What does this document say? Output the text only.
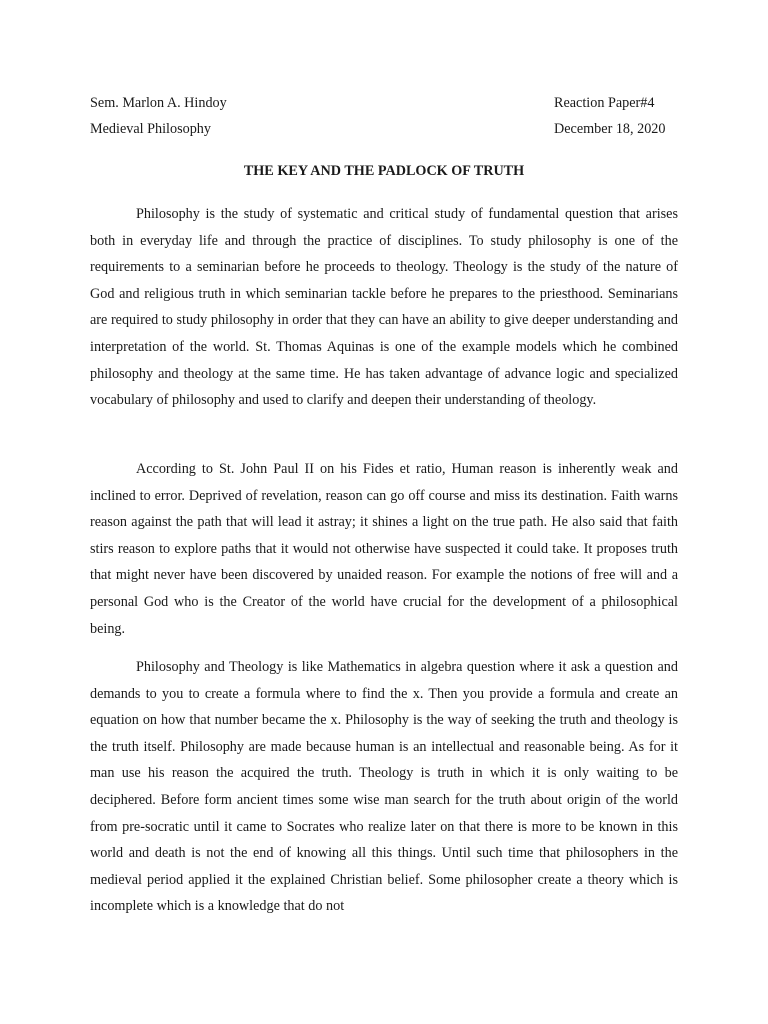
Sem. Marlon A. Hindoy	Reaction Paper#4
Medieval Philosophy	December 18, 2020
THE KEY AND THE PADLOCK OF TRUTH

Philosophy is the study of systematic and critical study of fundamental question that arises both in everyday life and through the practice of disciplines. To study philosophy is one of the requirements to a seminarian before he proceeds to theology. Theology is the study of the nature of God and religious truth in which seminarian tackle before he prepares to the priesthood. Seminarians are required to study philosophy in order that they can have an ability to give deeper understanding and interpretation of the world. St. Thomas Aquinas is one of the example models which he combined philosophy and theology at the same time. He has taken advantage of advance logic and specialized vocabulary of philosophy and used to clarify and deepen their understanding of theology.

According to St. John Paul II on his Fides et ratio, Human reason is inherently weak and inclined to error. Deprived of revelation, reason can go off course and miss its destination. Faith warns reason against the path that will lead it astray; it shines a light on the true path. He also said that faith stirs reason to explore paths that it would not otherwise have suspected it could take. It proposes truth that might never have been discovered by unaided reason. For example the notions of free will and a personal God who is the Creator of the world have crucial for the development of a philosophical being.

Philosophy and Theology is like Mathematics in algebra question where it ask a question and demands to you to create a formula where to find the x. Then you provide a formula and create an equation on how that number became the x. Philosophy is the way of seeking the truth and theology is the truth itself. Philosophy are made because human is an intellectual and reasonable being. As for it man use his reason the acquired the truth. Theology is truth in which it is only waiting to be deciphered. Before form ancient times some wise man search for the truth about origin of the world from pre-socratic until it came to Socrates who realize later on that there is more to be known in this world and death is not the end of knowing all this things. Until such time that philosophers in the medieval period applied it the explained Christian belief. Some philosopher create a theory which is incomplete which is a knowledge that do not
